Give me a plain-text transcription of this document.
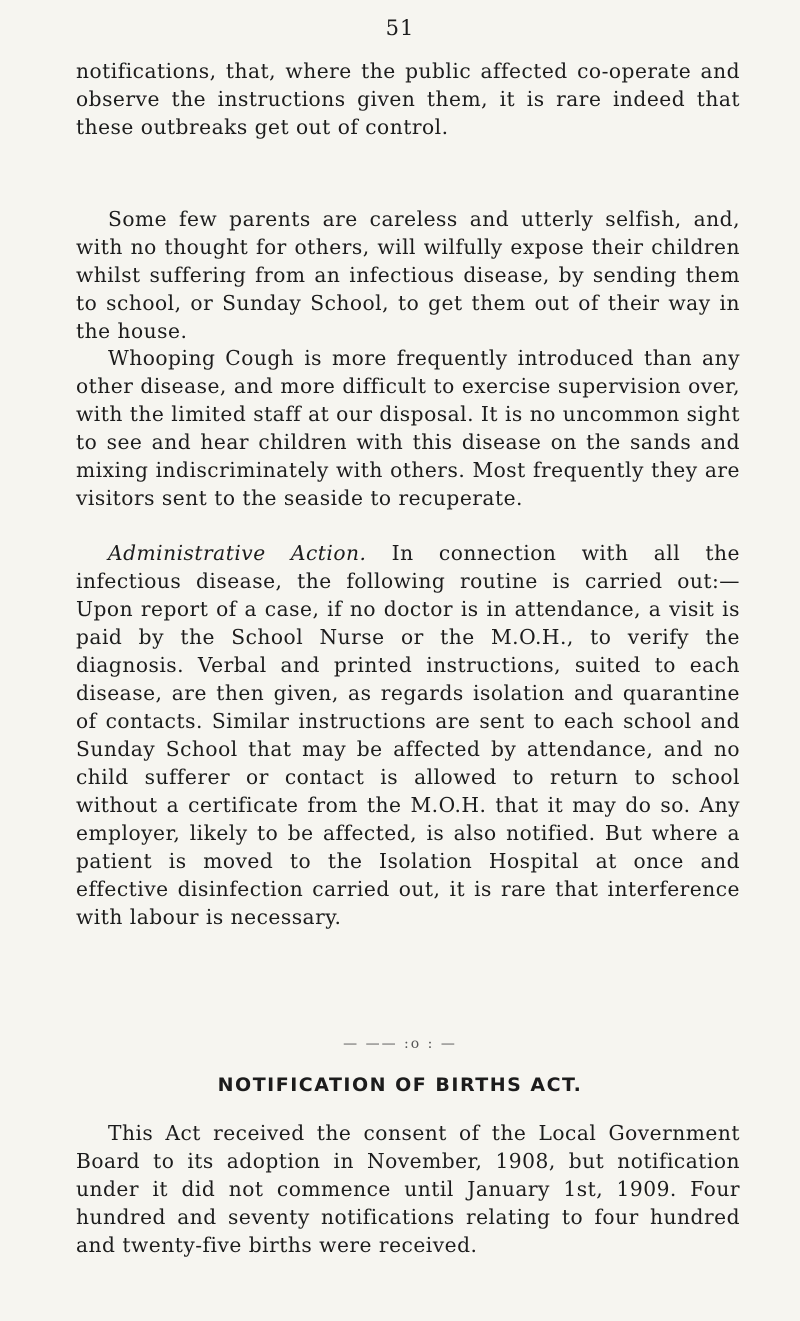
51

notifications, that, where the public affected co-operate and observe the instructions given them, it is rare indeed that these outbreaks get out of control.

Some few parents are careless and utterly selfish, and, with no thought for others, will wilfully expose their children whilst suffering from an infectious disease, by sending them to school, or Sunday School, to get them out of their way in the house.

Whooping Cough is more frequently introduced than any other disease, and more difficult to exercise supervision over, with the limited staff at our disposal. It is no uncommon sight to see and hear children with this disease on the sands and mixing indiscriminately with others. Most frequently they are visitors sent to the seaside to recuperate.

Administrative Action. In connection with all the infectious disease, the following routine is carried out:—Upon report of a case, if no doctor is in attendance, a visit is paid by the School Nurse or the M.O.H., to verify the diagnosis. Verbal and printed instructions, suited to each disease, are then given, as regards isolation and quarantine of contacts. Similar instructions are sent to each school and Sunday School that may be affected by attendance, and no child sufferer or contact is allowed to return to school without a certificate from the M.O.H. that it may do so. Any employer, likely to be affected, is also notified. But where a patient is moved to the Isolation Hospital at once and effective disinfection carried out, it is rare that interference with labour is necessary.

— —— :o : —
NOTIFICATION OF BIRTHS ACT.

This Act received the consent of the Local Government Board to its adoption in November, 1908, but notification under it did not commence until January 1st, 1909. Four hundred and seventy notifications relating to four hundred and twenty-five births were received.
